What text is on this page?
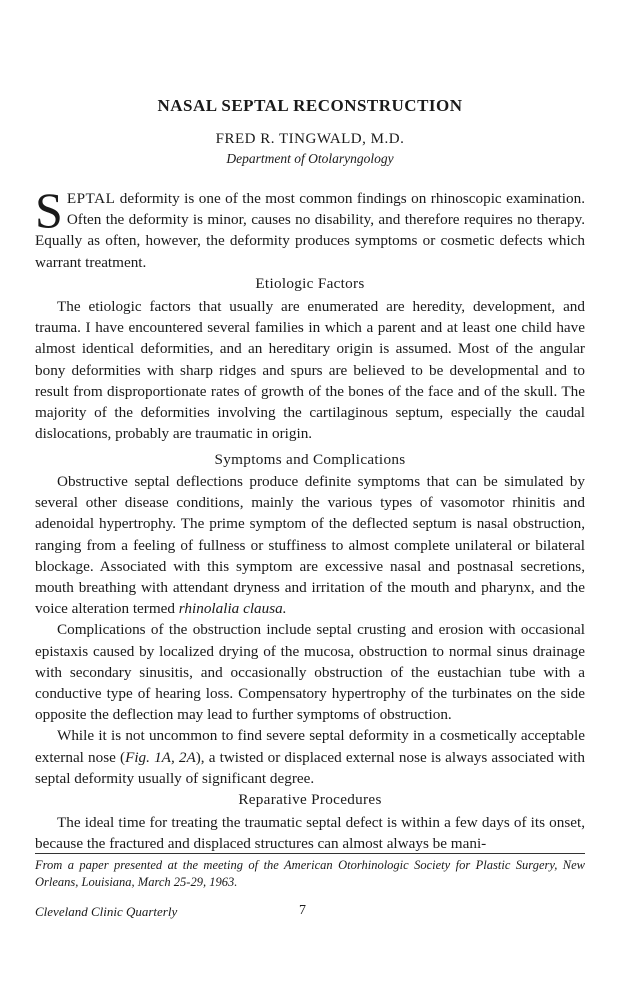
NASAL SEPTAL RECONSTRUCTION
FRED R. TINGWALD, M.D.
Department of Otolaryngology

SEPTAL deformity is one of the most common findings on rhinoscopic examination. Often the deformity is minor, causes no disability, and therefore requires no therapy. Equally as often, however, the deformity produces symptoms or cosmetic defects which warrant treatment.

Etiologic Factors

The etiologic factors that usually are enumerated are heredity, development, and trauma. I have encountered several families in which a parent and at least one child have almost identical deformities, and an hereditary origin is assumed. Most of the angular bony deformities with sharp ridges and spurs are believed to be developmental and to result from disproportionate rates of growth of the bones of the face and of the skull. The majority of the deformities involving the cartilaginous septum, especially the caudal dislocations, probably are traumatic in origin.

Symptoms and Complications

Obstructive septal deflections produce definite symptoms that can be simulated by several other disease conditions, mainly the various types of vasomotor rhinitis and adenoidal hypertrophy. The prime symptom of the deflected septum is nasal obstruction, ranging from a feeling of fullness or stuffiness to almost complete unilateral or bilateral blockage. Associated with this symptom are excessive nasal and postnasal secretions, mouth breathing with attendant dryness and irritation of the mouth and pharynx, and the voice alteration termed rhinolalia clausa.

Complications of the obstruction include septal crusting and erosion with occasional epistaxis caused by localized drying of the mucosa, obstruction to normal sinus drainage with secondary sinusitis, and occasionally obstruction of the eustachian tube with a conductive type of hearing loss. Compensatory hypertrophy of the turbinates on the side opposite the deflection may lead to further symptoms of obstruction.

While it is not uncommon to find severe septal deformity in a cosmetically acceptable external nose (Fig. 1A, 2A), a twisted or displaced external nose is always associated with septal deformity usually of significant degree.

Reparative Procedures

The ideal time for treating the traumatic septal defect is within a few days of its onset, because the fractured and displaced structures can almost always be mani-

From a paper presented at the meeting of the American Otorhinologic Society for Plastic Surgery, New Orleans, Louisiana, March 25-29, 1963.
Cleveland Clinic Quarterly	7
